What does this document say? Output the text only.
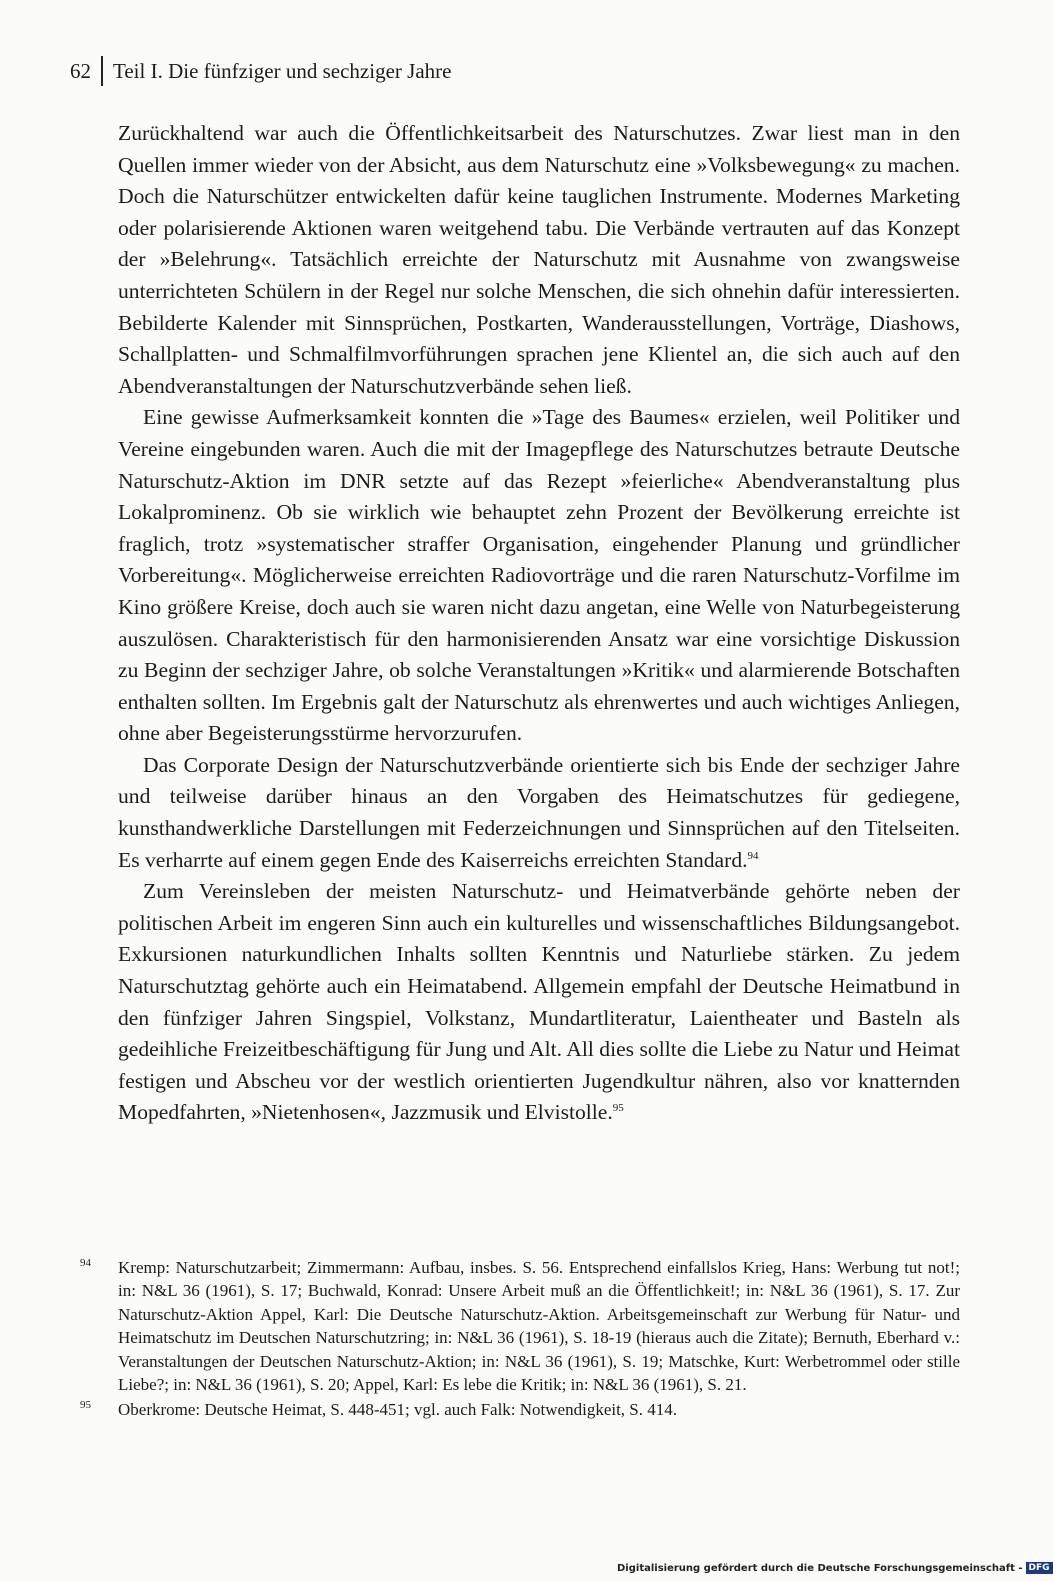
62 Teil I. Die fünfziger und sechziger Jahre

Zurückhaltend war auch die Öffentlichkeitsarbeit des Naturschutzes. Zwar liest man in den Quellen immer wieder von der Absicht, aus dem Naturschutz eine »Volksbewegung« zu machen. Doch die Naturschützer entwickelten dafür keine tauglichen Instrumente. Modernes Marketing oder polarisierende Aktionen waren weitgehend tabu. Die Verbände vertrauten auf das Konzept der »Belehrung«. Tatsächlich erreichte der Naturschutz mit Ausnahme von zwangsweise unterrichteten Schülern in der Regel nur solche Menschen, die sich ohnehin dafür interessierten. Bebilderte Kalender mit Sinnsprüchen, Postkarten, Wanderausstellungen, Vorträge, Diashows, Schallplatten- und Schmalfilmvorführungen sprachen jene Klientel an, die sich auch auf den Abendveranstaltungen der Naturschutzverbände sehen ließ.

Eine gewisse Aufmerksamkeit konnten die »Tage des Baumes« erzielen, weil Politiker und Vereine eingebunden waren. Auch die mit der Imagepflege des Naturschutzes betraute Deutsche Naturschutz-Aktion im DNR setzte auf das Rezept »feierliche« Abendveranstaltung plus Lokalprominenz. Ob sie wirklich wie behauptet zehn Prozent der Bevölkerung erreichte ist fraglich, trotz »systematischer straffer Organisation, eingehender Planung und gründlicher Vorbereitung«. Möglicherweise erreichten Radiovorträge und die raren Naturschutz-Vorfilme im Kino größere Kreise, doch auch sie waren nicht dazu angetan, eine Welle von Naturbegeisterung auszulösen. Charakteristisch für den harmonisierenden Ansatz war eine vorsichtige Diskussion zu Beginn der sechziger Jahre, ob solche Veranstaltungen »Kritik« und alarmierende Botschaften enthalten sollten. Im Ergebnis galt der Naturschutz als ehrenwertes und auch wichtiges Anliegen, ohne aber Begeisterungsstürme hervorzurufen.

Das Corporate Design der Naturschutzverbände orientierte sich bis Ende der sechziger Jahre und teilweise darüber hinaus an den Vorgaben des Heimatschutzes für gediegene, kunsthandwerkliche Darstellungen mit Federzeichnungen und Sinnsprüchen auf den Titelseiten. Es verharrte auf einem gegen Ende des Kaiserreichs erreichten Standard.$^{94}$

Zum Vereinsleben der meisten Naturschutz- und Heimatverbände gehörte neben der politischen Arbeit im engeren Sinn auch ein kulturelles und wissenschaftliches Bildungsangebot. Exkursionen naturkundlichen Inhalts sollten Kenntnis und Naturliebe stärken. Zu jedem Naturschutztag gehörte auch ein Heimatabend. Allgemein empfahl der Deutsche Heimatbund in den fünfziger Jahren Singspiel, Volkstanz, Mundartliteratur, Laientheater und Basteln als gedeihliche Freizeitbeschäftigung für Jung und Alt. All dies sollte die Liebe zu Natur und Heimat festigen und Abscheu vor der westlich orientierten Jugendkultur nähren, also vor knatternden Mopedfahrten, »Nietenhosen«, Jazzmusik und Elvistolle.$^{95}$

94 Kremp: Naturschutzarbeit; Zimmermann: Aufbau, insbes. S. 56. Entsprechend einfallslos Krieg, Hans: Werbung tut not!; in: N&L 36 (1961), S. 17; Buchwald, Konrad: Unsere Arbeit muß an die Öffentlichkeit!; in: N&L 36 (1961), S. 17. Zur Naturschutz-Aktion Appel, Karl: Die Deutsche Naturschutz-Aktion. Arbeitsgemeinschaft zur Werbung für Natur- und Heimatschutz im Deutschen Naturschutzring; in: N&L 36 (1961), S. 18-19 (hieraus auch die Zitate); Bernuth, Eberhard v.: Veranstaltungen der Deutschen Naturschutz-Aktion; in: N&L 36 (1961), S. 19; Matschke, Kurt: Werbetrommel oder stille Liebe?; in: N&L 36 (1961), S. 20; Appel, Karl: Es lebe die Kritik; in: N&L 36 (1961), S. 21.

95 Oberkrome: Deutsche Heimat, S. 448-451; vgl. auch Falk: Notwendigkeit, S. 414.

Digitalisierung gefördert durch die Deutsche Forschungsgemeinschaft - DFG
